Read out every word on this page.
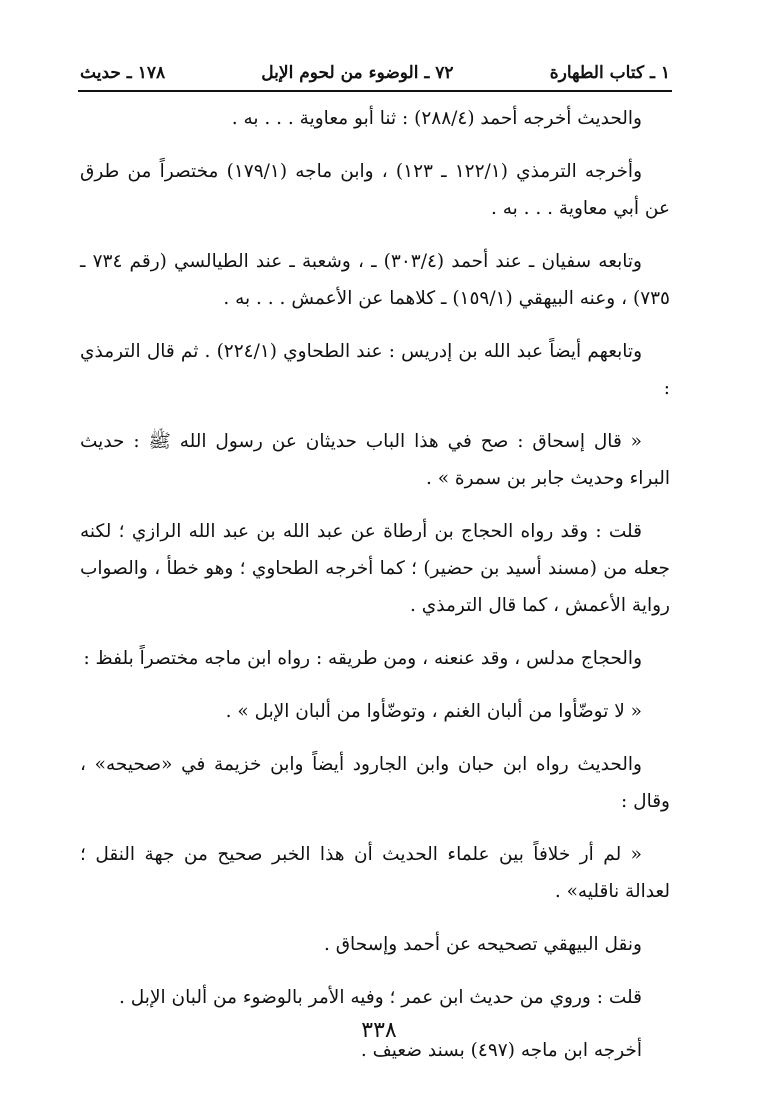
١ ـ كتاب الطهارة
٧٢ ـ الوضوء من لحوم الإبل
١٧٨ ـ حديث

والحديث أخرجه أحمد (٢٨٨/٤) : ثنا أبو معاوية . . . به .

وأخرجه الترمذي (١٢٢/١ ـ ١٢٣) ، وابن ماجه (١٧٩/١) مختصراً من طرق عن أبي معاوية . . . به .

وتابعه سفيان ـ عند أحمد (٣٠٣/٤) ـ ، وشعبة ـ عند الطيالسي (رقم ٧٣٤ ـ ٧٣٥) ، وعنه البيهقي (١٥٩/١) ـ كلاهما عن الأعمش . . . به .

وتابعهم أيضاً عبد الله بن إدريس : عند الطحاوي (٢٢٤/١) . ثم قال الترمذي :

« قال إسحاق : صح في هذا الباب حديثان عن رسول الله ﷺ : حديث البراء وحديث جابر بن سمرة » .

قلت : وقد رواه الحجاج بن أرطاة عن عبد الله بن عبد الله الرازي ؛ لكنه جعله من (مسند أسيد بن حضير) ؛ كما أخرجه الطحاوي ؛ وهو خطأ ، والصواب رواية الأعمش ، كما قال الترمذي .

والحجاج مدلس ، وقد عنعنه ، ومن طريقه : رواه ابن ماجه مختصراً بلفظ :

« لا توضّأوا من ألبان الغنم ، وتوضّأوا من ألبان الإبل » .

والحديث رواه ابن حبان وابن الجارود أيضاً وابن خزيمة في «صحيحه» ، وقال :

« لم أر خلافاً بين علماء الحديث أن هذا الخبر صحيح من جهة النقل ؛ لعدالة ناقليه» .

ونقل البيهقي تصحيحه عن أحمد وإسحاق .

قلت : وروي من حديث ابن عمر ؛ وفيه الأمر بالوضوء من ألبان الإبل .

أخرجه ابن ماجه (٤٩٧) بسند ضعيف .

٣٣٨
